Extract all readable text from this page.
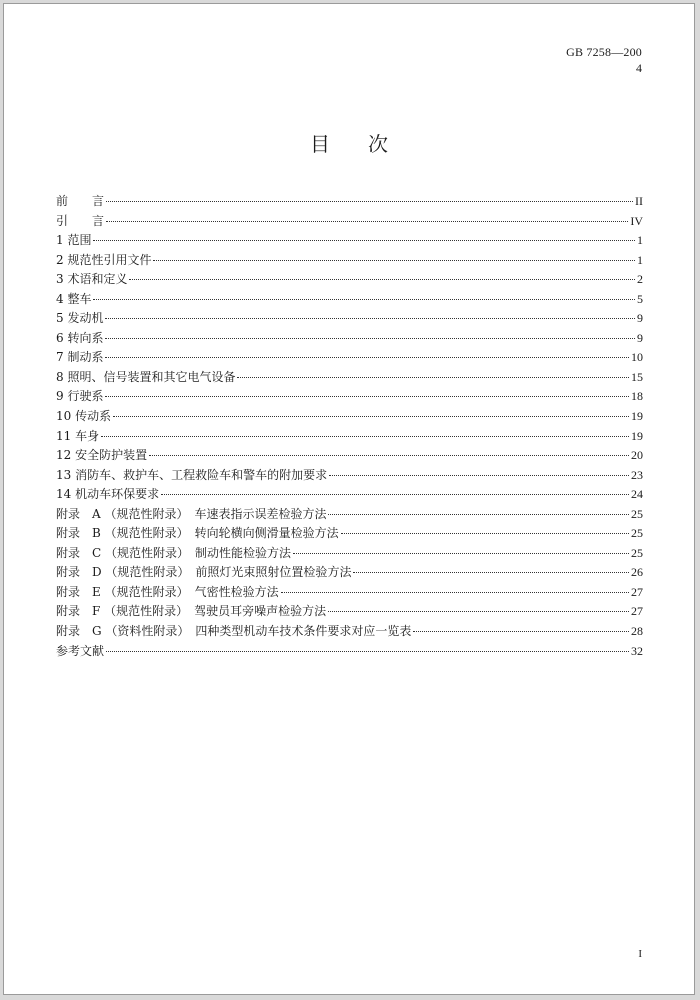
GB 7258—200
4
目次
前　　言	II
引　　言	IV
1 范围	1
2 规范性引用文件	1
3 术语和定义	2
4 整车	5
5 发动机	9
6 转向系	9
7 制动系	10
8 照明、信号装置和其它电气设备	15
9 行驶系	18
10 传动系	19
11 车身	19
12 安全防护装置	20
13 消防车、救护车、工程救险车和警车的附加要求	23
14 机动车环保要求	24
附录　A （规范性附录）　车速表指示误差检验方法	25
附录　B （规范性附录）　转向轮横向侧滑量检验方法	25
附录　C （规范性附录）　制动性能检验方法	25
附录　D （规范性附录）　前照灯光束照射位置检验方法	26
附录　E （规范性附录）　气密性检验方法	27
附录　F （规范性附录）　驾驶员耳旁噪声检验方法	27
附录　G （资料性附录）　四种类型机动车技术条件要求对应一览表	28
参考文献	32
I
